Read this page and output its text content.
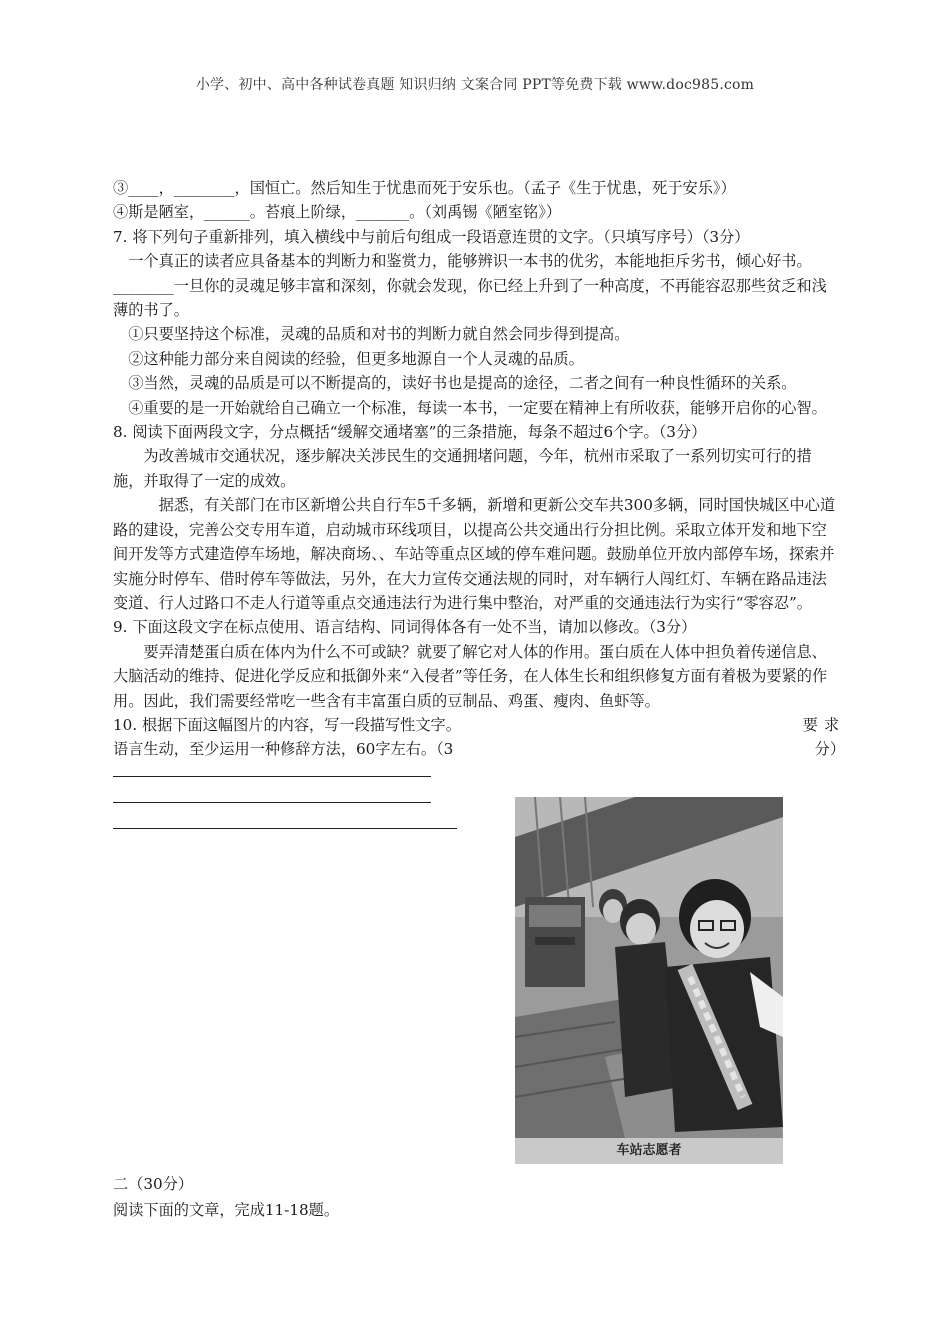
小学、初中、高中各种试卷真题 知识归纳 文案合同 PPT等免费下载 www.doc985.com

③____，________，国恒亡。然后知生于忧患而死于安乐也。（孟子《生于忧患，死于安乐》）

④斯是陋室，______。苔痕上阶绿，_______。（刘禹锡《陋室铭》）

7. 将下列句子重新排列，填入横线中与前后句组成一段语意连贯的文字。（只填写序号）（3分）

一个真正的读者应具备基本的判断力和鉴赏力，能够辨识一本书的优劣，本能地拒斥劣书，倾心好书。________一旦你的灵魂足够丰富和深刻，你就会发现，你已经上升到了一种高度，不再能容忍那些贫乏和浅薄的书了。

①只要坚持这个标准，灵魂的品质和对书的判断力就自然会同步得到提高。

②这种能力部分来自阅读的经验，但更多地源自一个人灵魂的品质。

③当然，灵魂的品质是可以不断提高的，读好书也是提高的途径，二者之间有一种良性循环的关系。

④重要的是一开始就给自己确立一个标准，每读一本书，一定要在精神上有所收获，能够开启你的心智。

8. 阅读下面两段文字，分点概括“缓解交通堵塞”的三条措施，每条不超过6个字。（3分）

为改善城市交通状况，逐步解决关涉民生的交通拥堵问题，今年，杭州市采取了一系列切实可行的措施，并取得了一定的成效。

据悉，有关部门在市区新增公共自行车5千多辆，新增和更新公交车共300多辆，同时国快城区中心道路的建设，完善公交专用车道，启动城市环线项目，以提高公共交通出行分担比例。采取立体开发和地下空间开发等方式建造停车场地，解决商场、、车站等重点区域的停车难问题。鼓励单位开放内部停车场，探索并实施分时停车、借时停车等做法，另外，在大力宣传交通法规的同时，对车辆行人闯红灯、车辆在路品违法变道、行人过路口不走人行道等重点交通违法行为进行集中整治，对严重的交通违法行为实行“零容忍”。

9. 下面这段文字在标点使用、语言结构、同词得体各有一处不当，请加以修改。（3分）

要弄清楚蛋白质在体内为什么不可或缺？就要了解它对人体的作用。蛋白质在人体中担负着传递信息、大脑活动的维持、促进化学反应和抵御外来“入侵者”等任务，在人体生长和组织修复方面有着极为要紧的作用。因此，我们需要经常吃一些含有丰富蛋白质的豆制品、鸡蛋、瘦肉、鱼虾等。

10. 根据下面这幅图片的内容，写一段描写性文字。
语言生动，至少运用一种修辞方法，60字左右。（3
要求
分）
车站志愿者
二（30分）
阅读下面的文章，完成11-18题。
